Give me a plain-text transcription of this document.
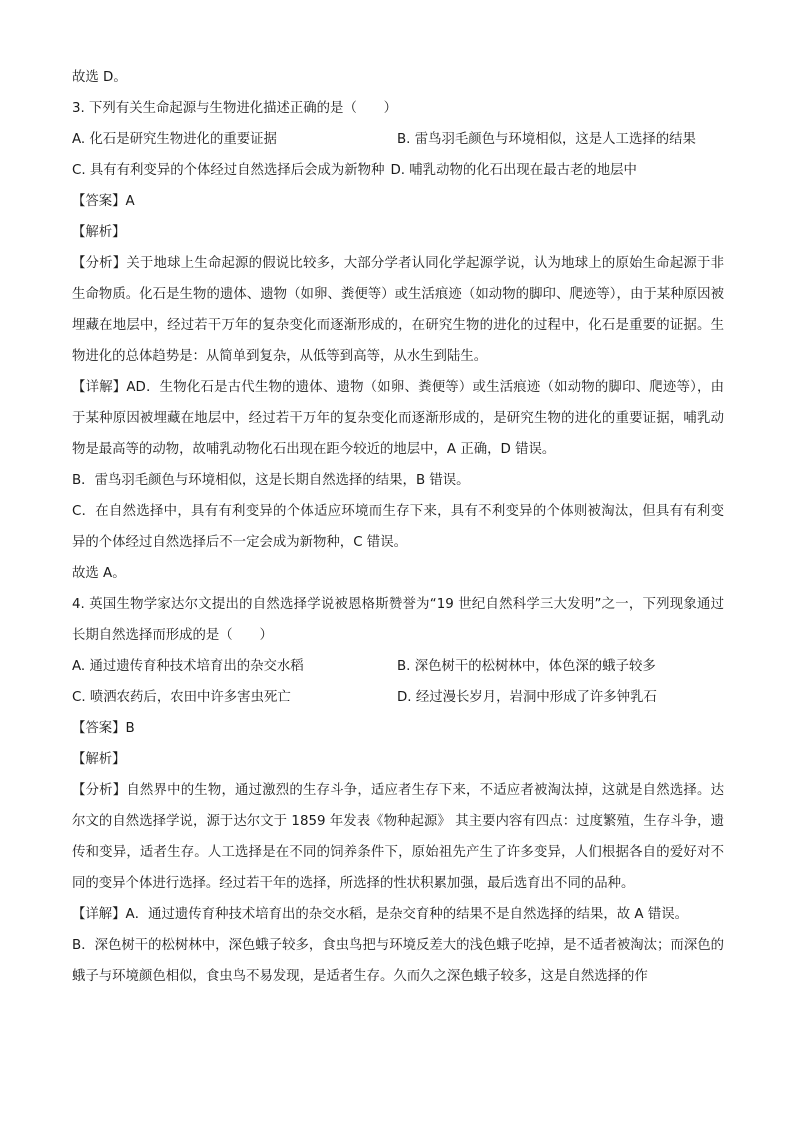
故选 D。
3. 下列有关生命起源与生物进化描述正确的是（　　）
A. 化石是研究生物进化的重要证据	B. 雷鸟羽毛颜色与环境相似，这是人工选择的结果
C. 具有有利变异的个体经过自然选择后会成为新物种 D. 哺乳动物的化石出现在最古老的地层中
【答案】A
【解析】
【分析】关于地球上生命起源的假说比较多，大部分学者认同化学起源学说，认为地球上的原始生命起源于非生命物质。化石是生物的遗体、遗物（如卵、粪便等）或生活痕迹（如动物的脚印、爬迹等），由于某种原因被埋藏在地层中，经过若干万年的复杂变化而逐渐形成的，在研究生物的进化的过程中，化石是重要的证据。生物进化的总体趋势是：从简单到复杂，从低等到高等，从水生到陆生。
【详解】AD．生物化石是古代生物的遗体、遗物（如卵、粪便等）或生活痕迹（如动物的脚印、爬迹等），由于某种原因被埋藏在地层中，经过若干万年的复杂变化而逐渐形成的，是研究生物的进化的重要证据，哺乳动物是最高等的动物，故哺乳动物化石出现在距今较近的地层中，A 正确，D 错误。
B．雷鸟羽毛颜色与环境相似，这是长期自然选择的结果，B 错误。
C．在自然选择中，具有有利变异的个体适应环境而生存下来，具有不利变异的个体则被淘汰，但具有有利变异的个体经过自然选择后不一定会成为新物种，C 错误。
故选 A。
4. 英国生物学家达尔文提出的自然选择学说被恩格斯赞誉为“19 世纪自然科学三大发明”之一，下列现象通过长期自然选择而形成的是（　　）
A. 通过遗传育种技术培育出的杂交水稻	B. 深色树干的松树林中，体色深的蛾子较多
C. 喷洒农药后，农田中许多害虫死亡	D. 经过漫长岁月，岩洞中形成了许多钟乳石
【答案】B
【解析】
【分析】自然界中的生物，通过激烈的生存斗争，适应者生存下来，不适应者被淘汰掉，这就是自然选择。达尔文的自然选择学说，源于达尔文于 1859 年发表《物种起源》 其主要内容有四点：过度繁殖，生存斗争，遗传和变异，适者生存。人工选择是在不同的饲养条件下，原始祖先产生了许多变异，人们根据各自的爱好对不同的变异个体进行选择。经过若干年的选择，所选择的性状积累加强，最后选育出不同的品种。
【详解】A．通过遗传育种技术培育出的杂交水稻，是杂交育种的结果不是自然选择的结果，故 A 错误。
B．深色树干的松树林中，深色蛾子较多，食虫鸟把与环境反差大的浅色蛾子吃掉，是不适者被淘汰；而深色的蛾子与环境颜色相似，食虫鸟不易发现，是适者生存。久而久之深色蛾子较多，这是自然选择的作
